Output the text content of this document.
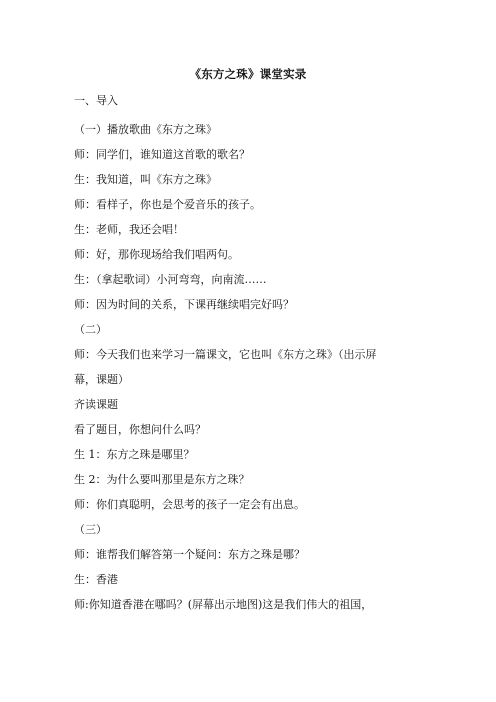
《东方之珠》课堂实录
一、导入
（一）播放歌曲《东方之珠》
师：同学们，谁知道这首歌的歌名？
生：我知道，叫《东方之珠》
师：看样子，你也是个爱音乐的孩子。
生：老师，我还会唱！
师：好，那你现场给我们唱两句。
生：（拿起歌词）小河弯弯，向南流……
师：因为时间的关系，下课再继续唱完好吗？
（二）
师：今天我们也来学习一篇课文，它也叫《东方之珠》（出示屏
幕，课题）
齐读课题
看了题目，你想问什么吗？
生 1：东方之珠是哪里？
生 2：为什么要叫那里是东方之珠？
师：你们真聪明，会思考的孩子一定会有出息。
（三）
师：谁帮我们解答第一个疑问：东方之珠是哪？
生：香港
师:你知道香港在哪吗？(屏幕出示地图)这是我们伟大的祖国，
